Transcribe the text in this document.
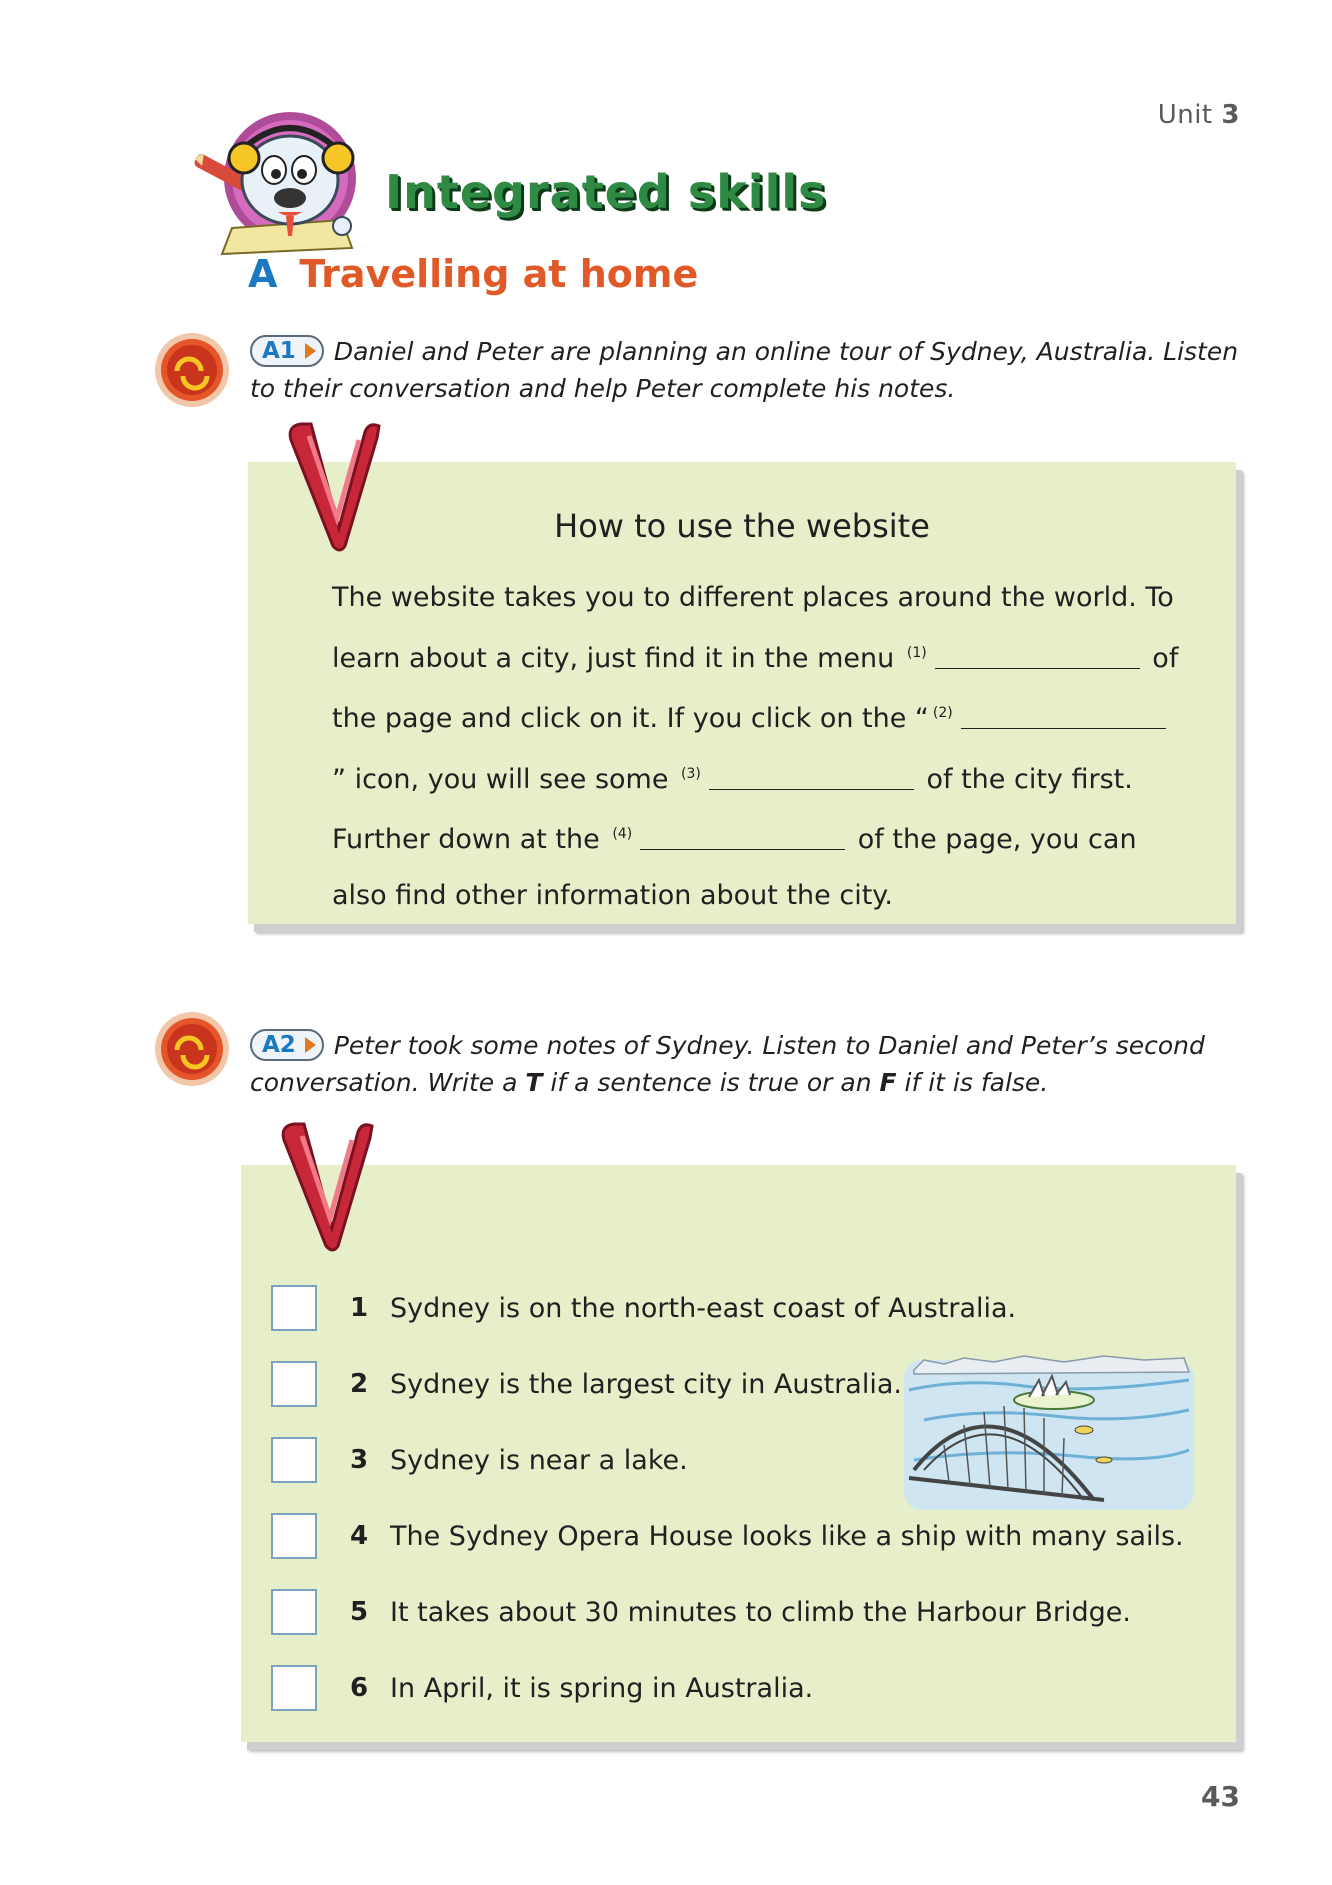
Unit 3
Integrated skills
A Travelling at home
A1 Daniel and Peter are planning an online tour of Sydney, Australia. Listen to their conversation and help Peter complete his notes.
How to use the website
The website takes you to different places around the world. To learn about a city, just find it in the menu $^{(1)}$	of the page and click on it. If you click on the “ $^{(2)}$” icon, you will see some $^{(3)}$	of the city first. Further down at the $^{(4)}$	of the page, you can also find other information about the city.
A2 Peter took some notes of Sydney. Listen to Daniel and Peter’s second conversation. Write a T if a sentence is true or an F if it is false.
1 Sydney is on the north-east coast of Australia.
2 Sydney is the largest city in Australia.
3 Sydney is near a lake.
4 The Sydney Opera House looks like a ship with many sails.
5 It takes about 30 minutes to climb the Harbour Bridge.
6 In April, it is spring in Australia.
43
